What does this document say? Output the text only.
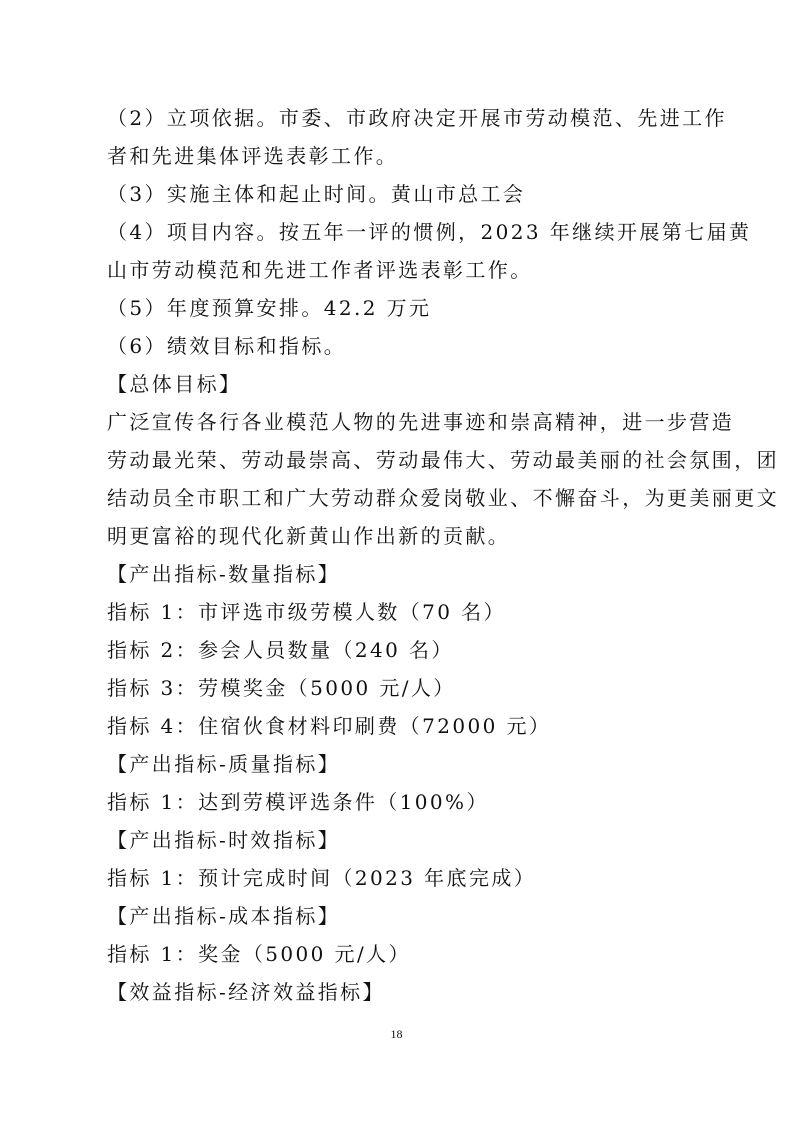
（2）立项依据。市委、市政府决定开展市劳动模范、先进工作
者和先进集体评选表彰工作。
（3）实施主体和起止时间。黄山市总工会
（4）项目内容。按五年一评的惯例，2023 年继续开展第七届黄
山市劳动模范和先进工作者评选表彰工作。
（5）年度预算安排。42.2 万元
（6）绩效目标和指标。
【总体目标】
广泛宣传各行各业模范人物的先进事迹和崇高精神，进一步营造
劳动最光荣、劳动最崇高、劳动最伟大、劳动最美丽的社会氛围，团
结动员全市职工和广大劳动群众爱岗敬业、不懈奋斗，为更美丽更文
明更富裕的现代化新黄山作出新的贡献。
【产出指标-数量指标】
指标 1：市评选市级劳模人数（70 名）
指标 2：参会人员数量（240 名）
指标 3：劳模奖金（5000 元/人）
指标 4：住宿伙食材料印刷费（72000 元）
【产出指标-质量指标】
指标 1：达到劳模评选条件（100%）
【产出指标-时效指标】
指标 1：预计完成时间（2023 年底完成）
【产出指标-成本指标】
指标 1：奖金（5000 元/人）
【效益指标-经济效益指标】
18
